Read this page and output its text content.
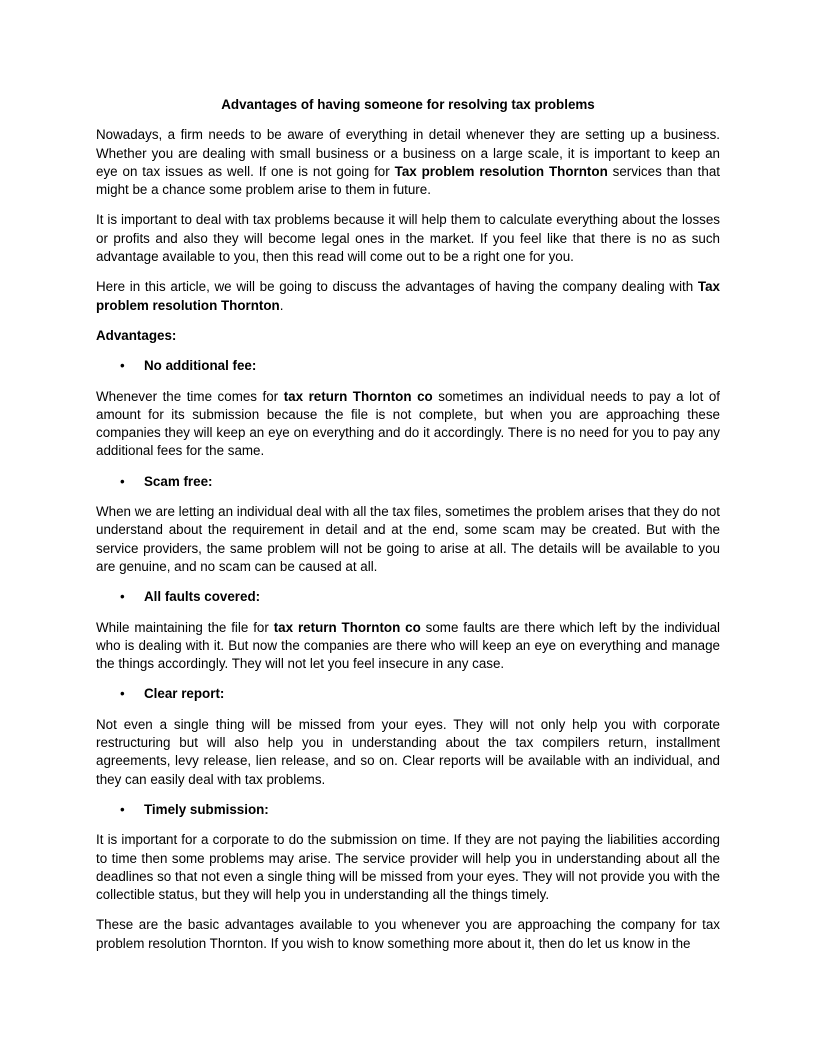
Advantages of having someone for resolving tax problems

Nowadays, a firm needs to be aware of everything in detail whenever they are setting up a business. Whether you are dealing with small business or a business on a large scale, it is important to keep an eye on tax issues as well. If one is not going for Tax problem resolution Thornton services than that might be a chance some problem arise to them in future.

It is important to deal with tax problems because it will help them to calculate everything about the losses or profits and also they will become legal ones in the market. If you feel like that there is no as such advantage available to you, then this read will come out to be a right one for you.

Here in this article, we will be going to discuss the advantages of having the company dealing with Tax problem resolution Thornton.

Advantages:
• No additional fee:

Whenever the time comes for tax return Thornton co sometimes an individual needs to pay a lot of amount for its submission because the file is not complete, but when you are approaching these companies they will keep an eye on everything and do it accordingly. There is no need for you to pay any additional fees for the same.

• Scam free:

When we are letting an individual deal with all the tax files, sometimes the problem arises that they do not understand about the requirement in detail and at the end, some scam may be created. But with the service providers, the same problem will not be going to arise at all. The details will be available to you are genuine, and no scam can be caused at all.

• All faults covered:

While maintaining the file for tax return Thornton co some faults are there which left by the individual who is dealing with it. But now the companies are there who will keep an eye on everything and manage the things accordingly. They will not let you feel insecure in any case.

• Clear report:

Not even a single thing will be missed from your eyes. They will not only help you with corporate restructuring but will also help you in understanding about the tax compilers return, installment agreements, levy release, lien release, and so on. Clear reports will be available with an individual, and they can easily deal with tax problems.

• Timely submission:

It is important for a corporate to do the submission on time. If they are not paying the liabilities according to time then some problems may arise. The service provider will help you in understanding about all the deadlines so that not even a single thing will be missed from your eyes. They will not provide you with the collectible status, but they will help you in understanding all the things timely.

These are the basic advantages available to you whenever you are approaching the company for tax problem resolution Thornton. If you wish to know something more about it, then do let us know in the
